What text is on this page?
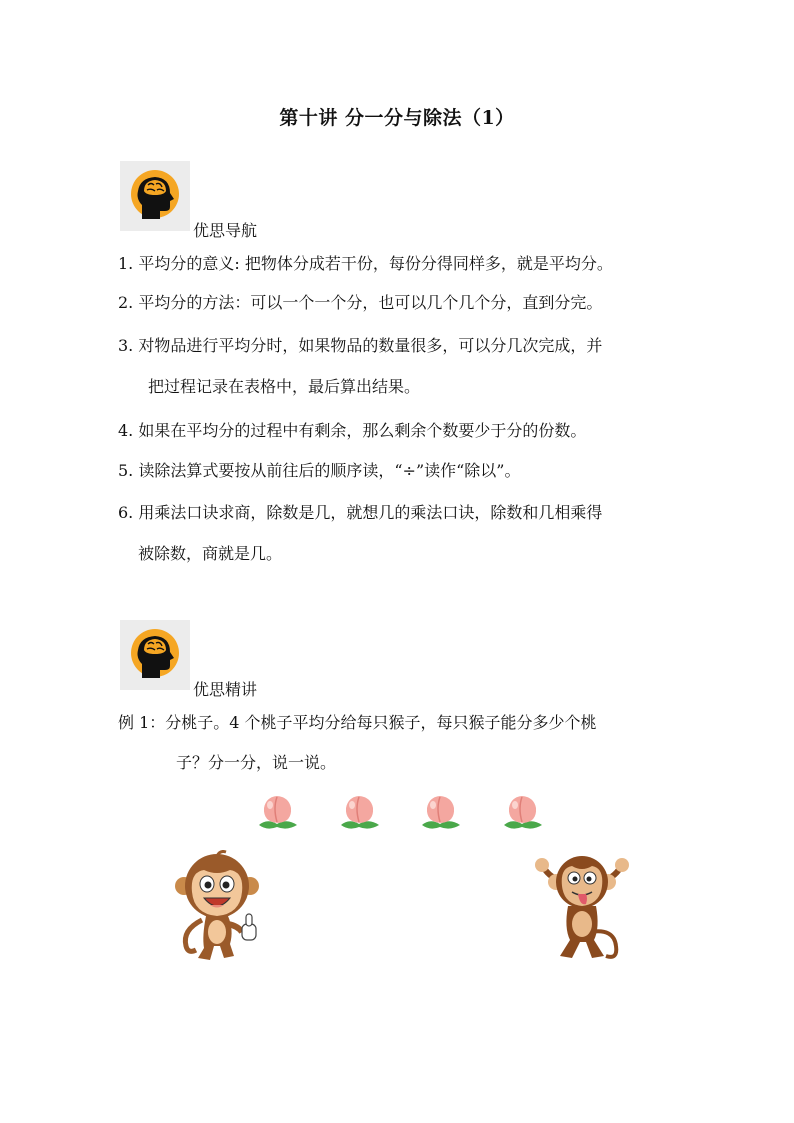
第十讲 分一分与除法（1）
优思导航
1. 平均分的意义: 把物体分成若干份，每份分得同样多，就是平均分。
2. 平均分的方法：可以一个一个分，也可以几个几个分，直到分完。
3. 对物品进行平均分时，如果物品的数量很多，可以分几次完成，并
把过程记录在表格中，最后算出结果。
4. 如果在平均分的过程中有剩余，那么剩余个数要少于分的份数。
5. 读除法算式要按从前往后的顺序读，“÷”读作“除以”。
6. 用乘法口诀求商，除数是几，就想几的乘法口诀，除数和几相乘得
被除数，商就是几。
优思精讲
例 1：分桃子。4 个桃子平均分给每只猴子，每只猴子能分多少个桃
子？分一分，说一说。
